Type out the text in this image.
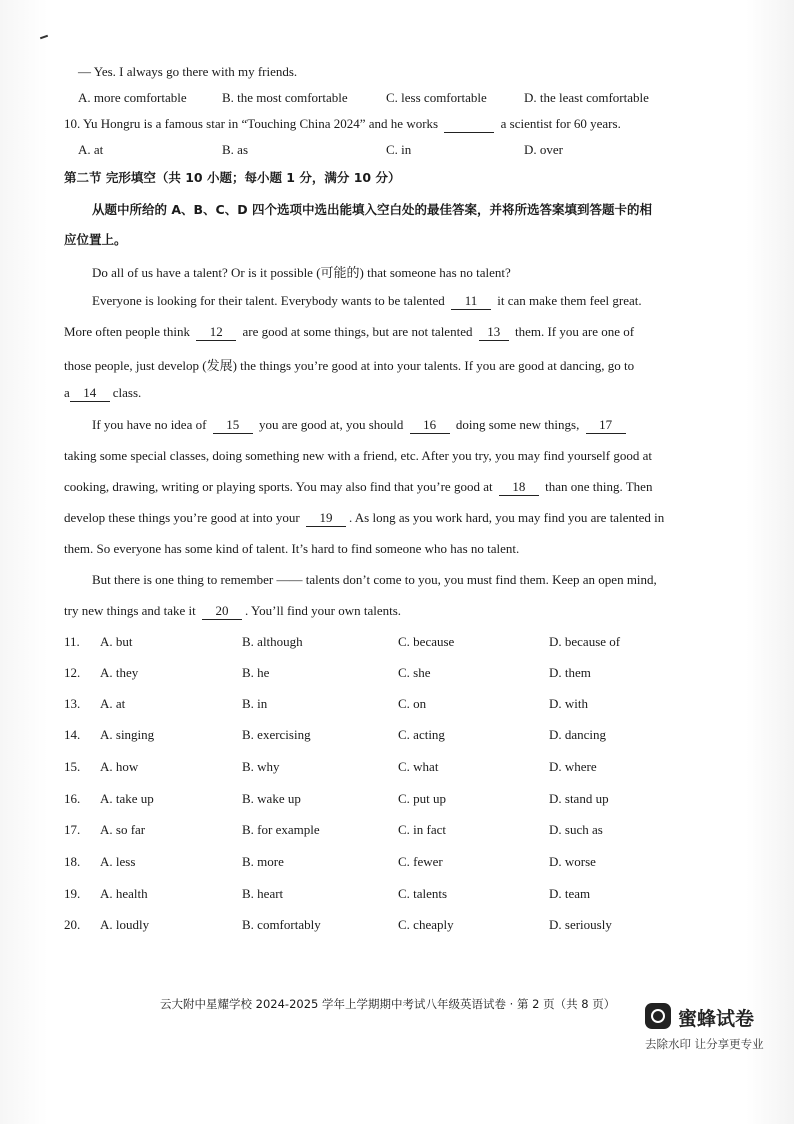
— Yes. I always go there with my friends.
A. more comfortable	B. the most comfortable	C. less comfortable	D. the least comfortable
10. Yu Hongru is a famous star in “Touching China 2024” and he works	a scientist for 60 years.
A. at	B. as	C. in	D. over
第二节 完形填空（共 10 小题；每小题 1 分，满分 10 分）
从题中所给的 A、B、C、D 四个选项中选出能填入空白处的最佳答案，并将所选答案填到答题卡的相
应位置上。
Do all of us have a talent? Or is it possible (可能的) that someone has no talent?
Everyone is looking for their talent. Everybody wants to be talented 11 it can make them feel great.
More often people think 12 are good at some things, but are not talented 13 them. If you are one of
those people, just develop (发展) the things you’re good at into your talents. If you are good at dancing, go to
a 14 class.
If you have no idea of 15 you are good at, you should 16 doing some new things, 17
taking some special classes, doing something new with a friend, etc. After you try, you may find yourself good at
cooking, drawing, writing or playing sports. You may also find that you’re good at 18 than one thing. Then
develop these things you’re good at into your 19 . As long as you work hard, you may find you are talented in
them. So everyone has some kind of talent. It’s hard to find someone who has no talent.
But there is one thing to remember —— talents don’t come to you, you must find them. Keep an open mind,
try new things and take it 20 . You’ll find your own talents.
11. A. but	B. although	C. because	D. because of
12. A. they	B. he	C. she	D. them
13. A. at	B. in	C. on	D. with
14. A. singing	B. exercising	C. acting	D. dancing
15. A. how	B. why	C. what	D. where
16. A. take up	B. wake up	C. put up	D. stand up
17. A. so far	B. for example	C. in fact	D. such as
18. A. less	B. more	C. fewer	D. worse
19. A. health	B. heart	C. talents	D. team
20. A. loudly	B. comfortably	C. cheaply	D. seriously
云大附中星耀学校 2024-2025 学年上学期期中考试八年级英语试卷 · 第 2 页（共 8 页）
蜜蜂试卷
去除水印 让分享更专业
